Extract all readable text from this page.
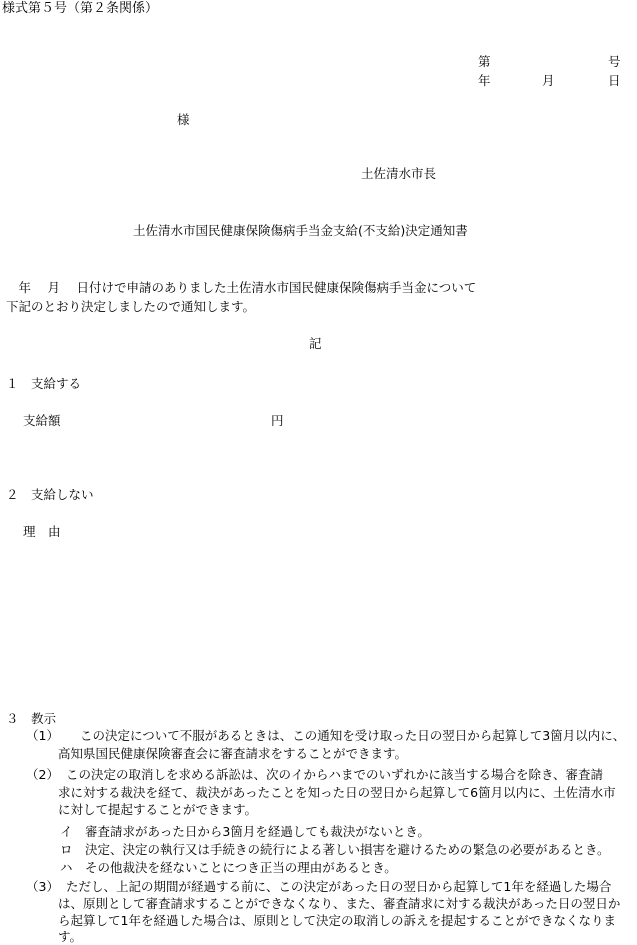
様式第５号（第２条関係）
第	号
年	月	日
様
土佐清水市長
土佐清水市国民健康保険傷病手当金支給(不支給)決定通知書
　年　 月　 日付けで申請のありました土佐清水市国民健康保険傷病手当金について
下記のとおり決定しましたので通知します。
記
１　支給する
支給額	円
２　支給しない
理　由
３　教示
（1） この決定について不服があるときは、この通知を受け取った日の翌日から起算して3箇月以内に、
高知県国民健康保険審査会に審査請求をすることができます。
（2） この決定の取消しを求める訴訟は、次のイからハまでのいずれかに該当する場合を除き、審査請
求に対する裁決を経て、裁決があったことを知った日の翌日から起算して6箇月以内に、土佐清水市
に対して提起することができます。
イ　審査請求があった日から3箇月を経過しても裁決がないとき。
ロ　決定、決定の執行又は手続きの続行による著しい損害を避けるための緊急の必要があるとき。
ハ　その他裁決を経ないことにつき正当の理由があるとき。
（3） ただし、上記の期間が経過する前に、この決定があった日の翌日から起算して1年を経過した場合
は、原則として審査請求することができなくなり、また、審査請求に対する裁決があった日の翌日か
ら起算して1年を経過した場合は、原則として決定の取消しの訴えを提起することができなくなりま
す。
